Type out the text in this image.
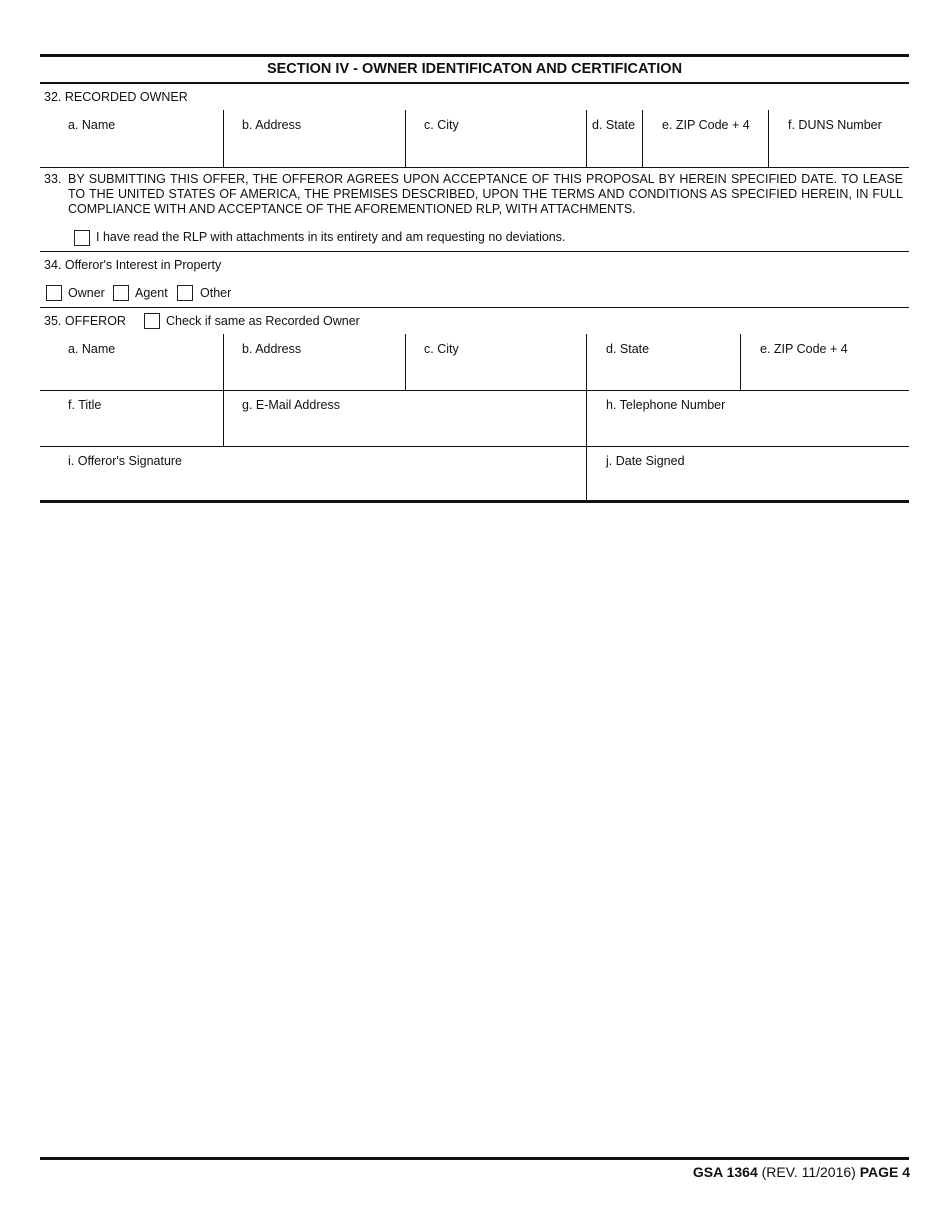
SECTION IV - OWNER IDENTIFICATON AND CERTIFICATION
32. RECORDED OWNER
a. Name	b. Address	c. City	d. State e. ZIP Code + 4	f. DUNS Number
33. BY SUBMITTING THIS OFFER, THE OFFEROR AGREES UPON ACCEPTANCE OF THIS PROPOSAL BY HEREIN SPECIFIED DATE. TO LEASE TO THE UNITED STATES OF AMERICA, THE PREMISES DESCRIBED, UPON THE TERMS AND CONDITIONS AS SPECIFIED HEREIN, IN FULL COMPLIANCE WITH AND ACCEPTANCE OF THE AFOREMENTIONED RLP, WITH ATTACHMENTS.
I have read the RLP with attachments in its entirety and am requesting no deviations.
34. Offeror's Interest in Property
Owner Agent	Other
35. OFFEROR	Check if same as Recorded Owner
a. Name	b. Address	c. City	d. State	e. ZIP Code + 4
f. Title	g. E-Mail Address	h. Telephone Number
i. Offeror's Signature	j. Date Signed
GSA 1364 (REV. 11/2016) PAGE 4
